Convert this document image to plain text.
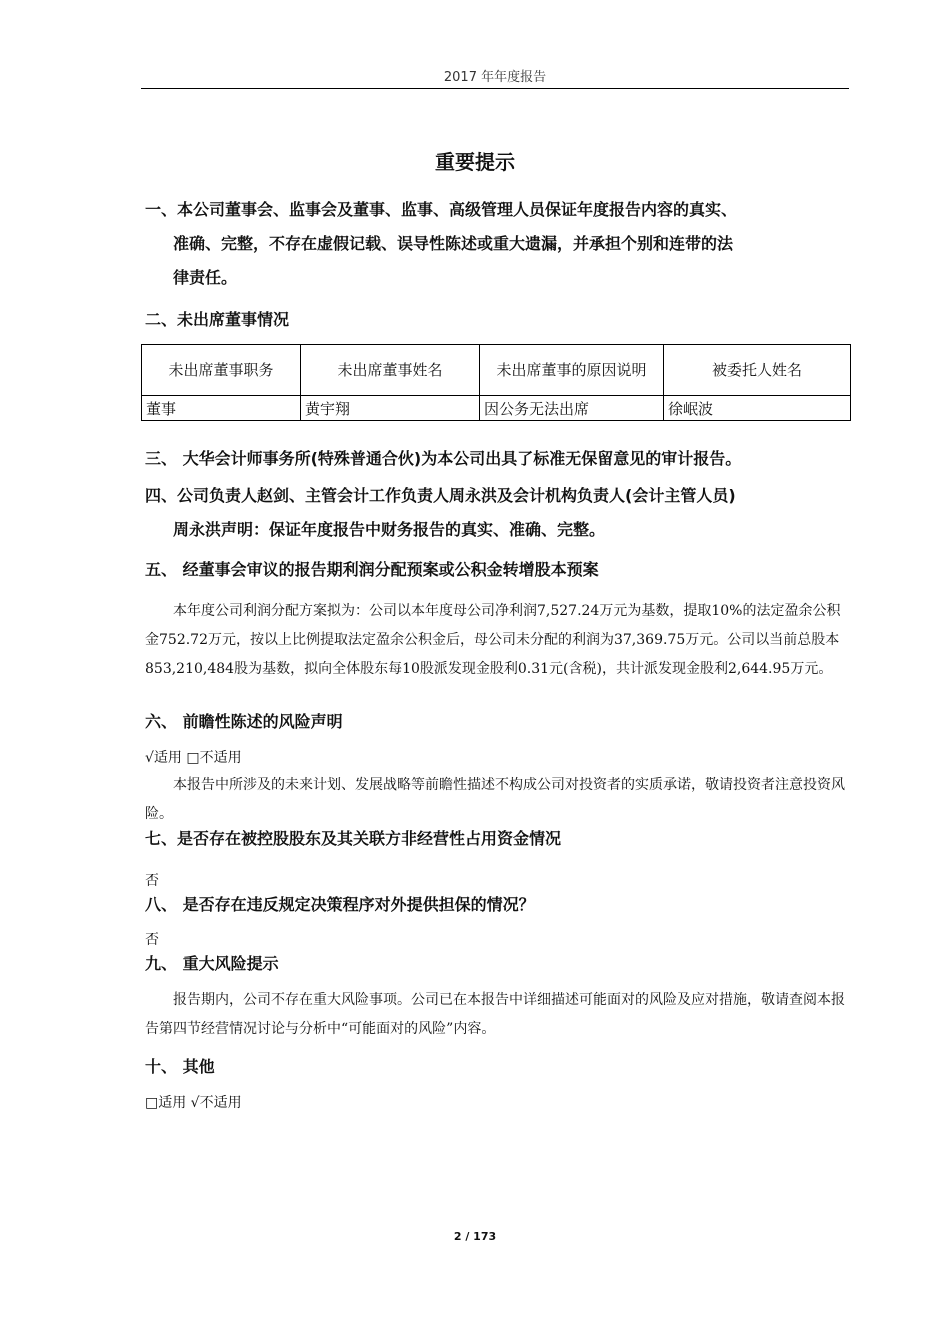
2017 年年度报告
重要提示
一、本公司董事会、监事会及董事、监事、高级管理人员保证年度报告内容的真实、
准确、完整，不存在虚假记载、误导性陈述或重大遗漏，并承担个别和连带的法
律责任。
二、未出席董事情况
未出席董事职务	未出席董事姓名	未出席董事的原因说明	被委托人姓名
董事	黄宇翔	因公务无法出席	徐岷波
三、 大华会计师事务所(特殊普通合伙)为本公司出具了标准无保留意见的审计报告。
四、公司负责人赵剑、主管会计工作负责人周永洪及会计机构负责人(会计主管人员)
周永洪声明：保证年度报告中财务报告的真实、准确、完整。
五、 经董事会审议的报告期利润分配预案或公积金转增股本预案
本年度公司利润分配方案拟为：公司以本年度母公司净利润7,527.24万元为基数，提取10%的法定盈余公积金752.72万元，按以上比例提取法定盈余公积金后，母公司未分配的利润为37,369.75万元。公司以当前总股本853,210,484股为基数，拟向全体股东每10股派发现金股利0.31元(含税)，共计派发现金股利2,644.95万元。
六、 前瞻性陈述的风险声明
√适用 □不适用
本报告中所涉及的未来计划、发展战略等前瞻性描述不构成公司对投资者的实质承诺，敬请投资者注意投资风险。
七、是否存在被控股股东及其关联方非经营性占用资金情况
否
八、 是否存在违反规定决策程序对外提供担保的情况？
否
九、 重大风险提示
报告期内，公司不存在重大风险事项。公司已在本报告中详细描述可能面对的风险及应对措施，敬请查阅本报告第四节经营情况讨论与分析中“可能面对的风险”内容。
十、 其他
□适用 √不适用
2 / 173
